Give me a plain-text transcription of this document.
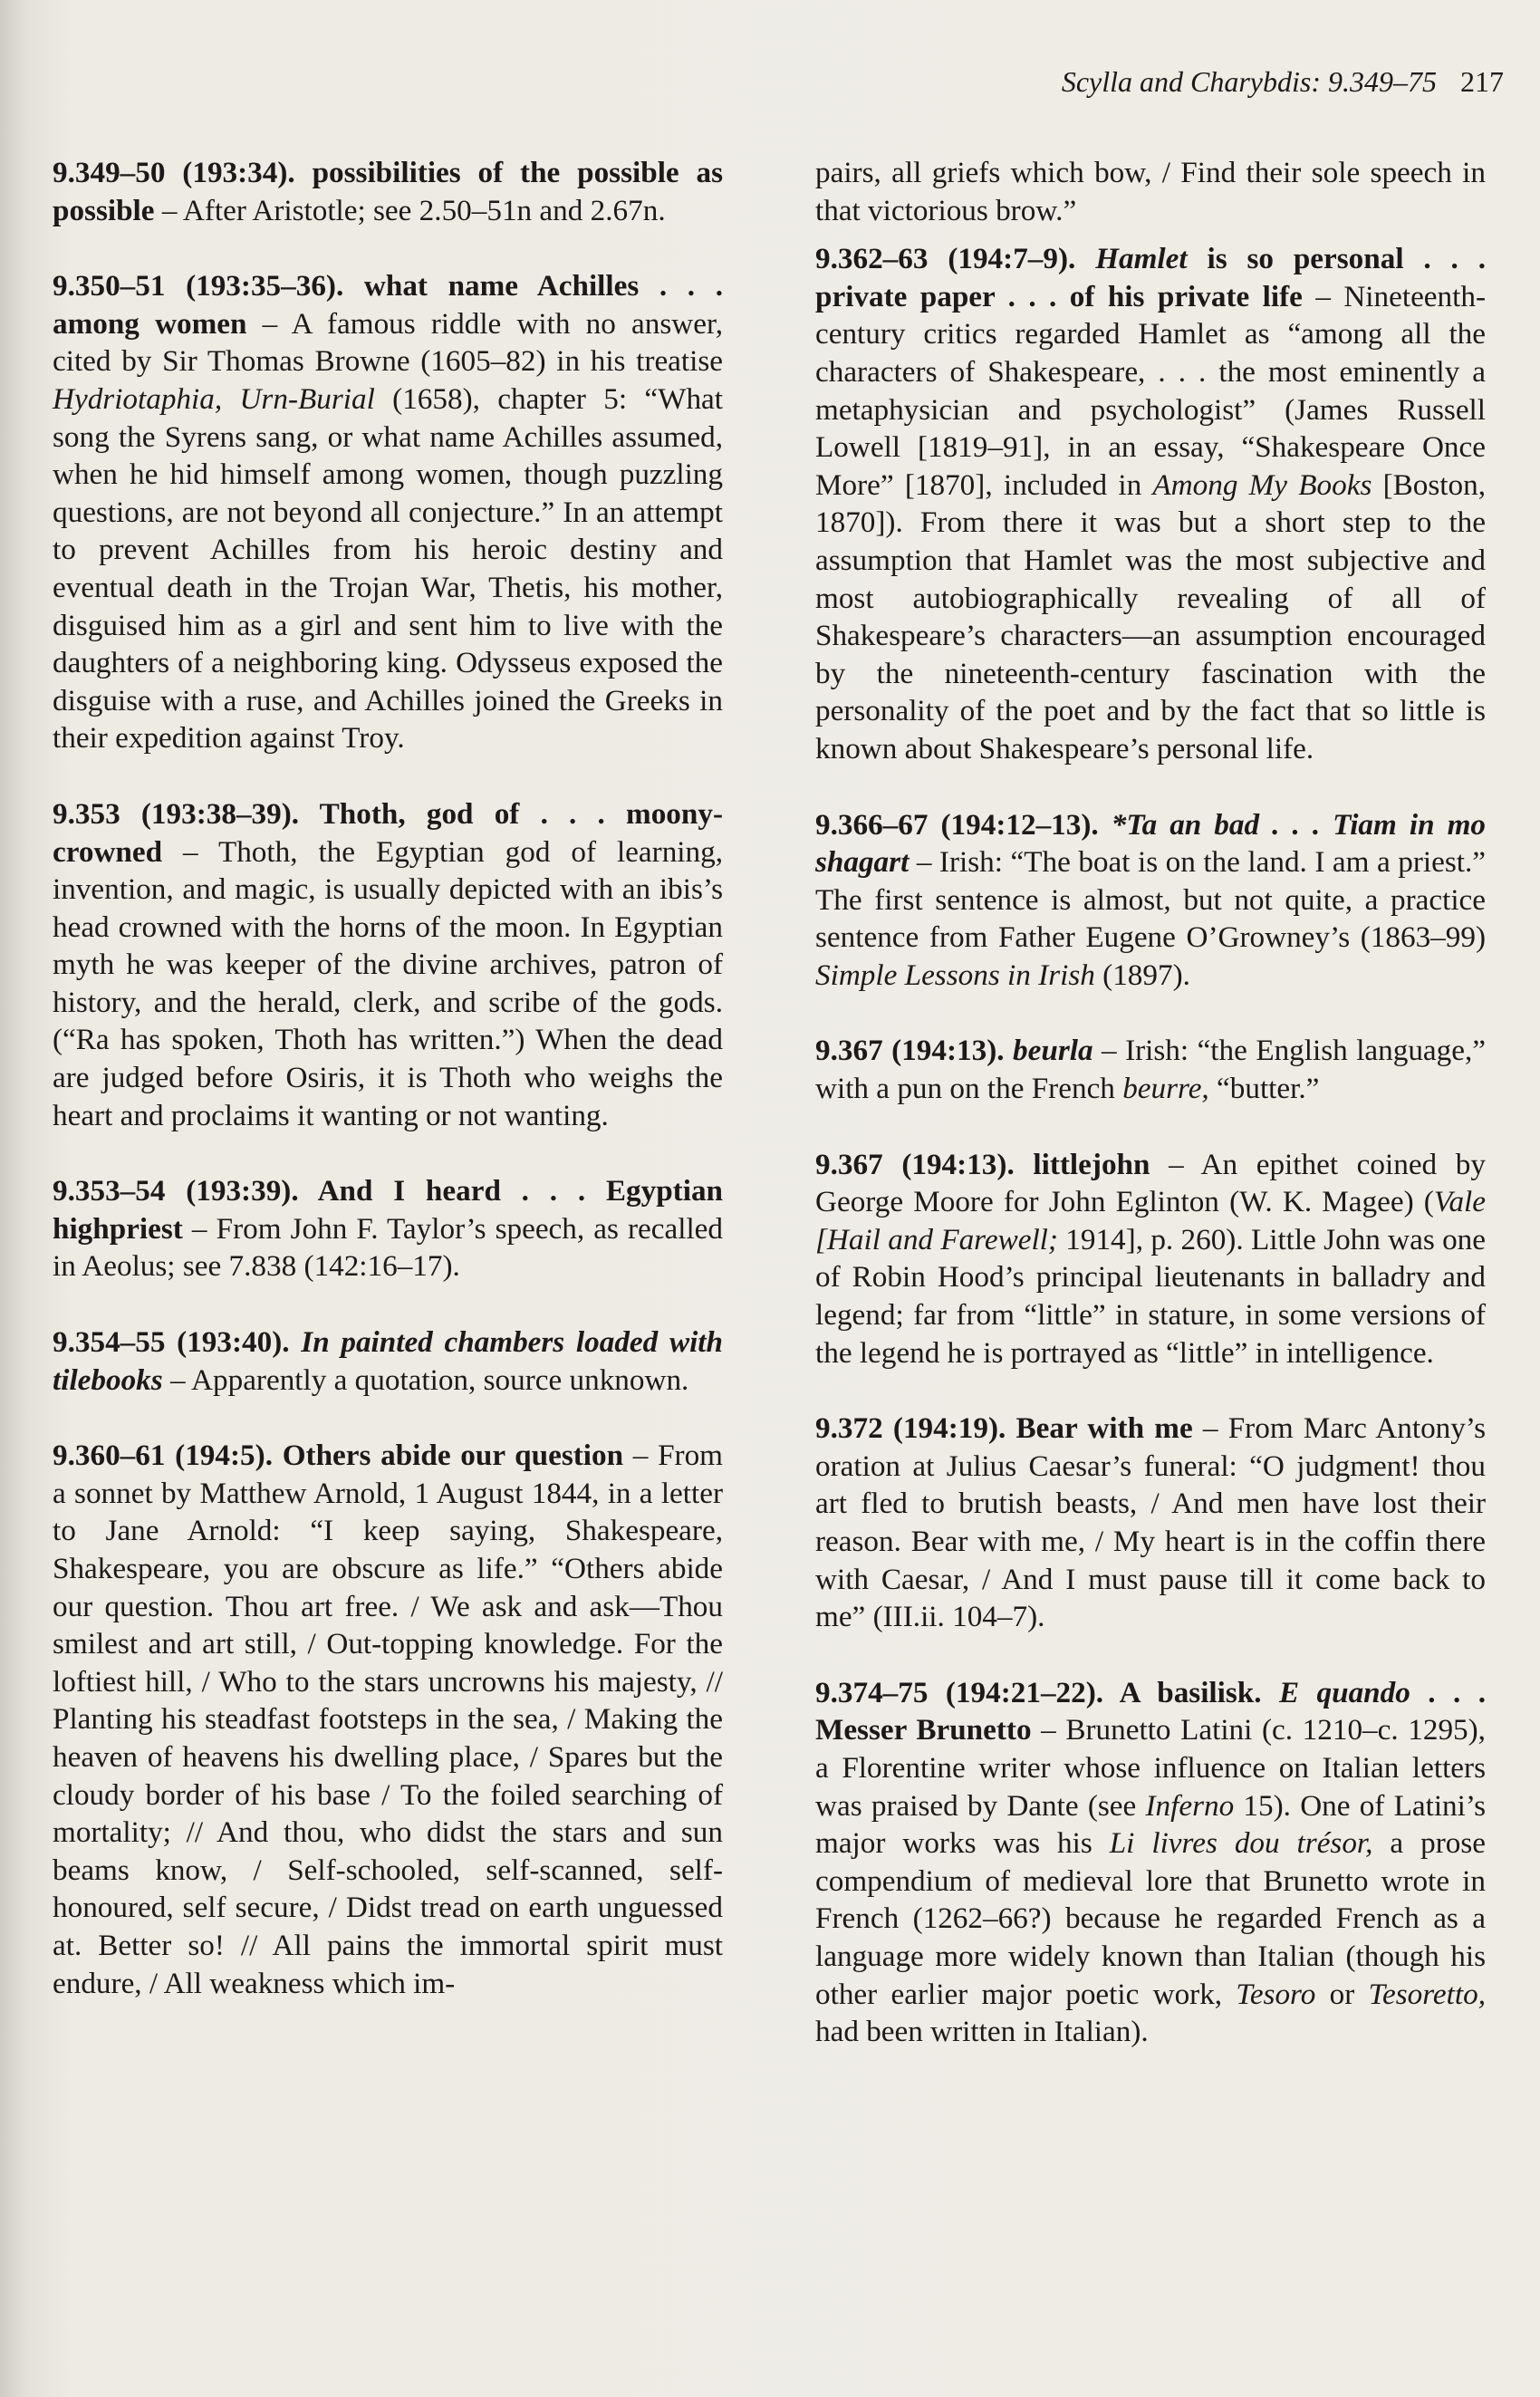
Scylla and Charybdis: 9.349–75 217

9.349–50 (193:34). possibilities of the possible as possible – After Aristotle; see 2.50–51n and 2.67n.

9.350–51 (193:35–36). what name Achilles . . . among women – A famous riddle with no answer, cited by Sir Thomas Browne (1605–82) in his treatise Hydriotaphia, Urn-Burial (1658), chapter 5: “What song the Syrens sang, or what name Achilles assumed, when he hid himself among women, though puzzling questions, are not beyond all conjecture.” In an attempt to prevent Achilles from his heroic destiny and eventual death in the Trojan War, Thetis, his mother, disguised him as a girl and sent him to live with the daughters of a neighboring king. Odysseus exposed the disguise with a ruse, and Achilles joined the Greeks in their expedition against Troy.

9.353 (193:38–39). Thoth, god of . . . moony-crowned – Thoth, the Egyptian god of learning, invention, and magic, is usually depicted with an ibis’s head crowned with the horns of the moon. In Egyptian myth he was keeper of the divine archives, patron of history, and the herald, clerk, and scribe of the gods. (“Ra has spoken, Thoth has written.”) When the dead are judged before Osiris, it is Thoth who weighs the heart and proclaims it wanting or not wanting.

9.353–54 (193:39). And I heard . . . Egyptian highpriest – From John F. Taylor’s speech, as recalled in Aeolus; see 7.838 (142:16–17).

9.354–55 (193:40). In painted chambers loaded with tilebooks – Apparently a quotation, source unknown.

9.360–61 (194:5). Others abide our question – From a sonnet by Matthew Arnold, 1 August 1844, in a letter to Jane Arnold: “I keep saying, Shakespeare, Shakespeare, you are obscure as life.” “Others abide our question. Thou art free. / We ask and ask—Thou smilest and art still, / Out-topping knowledge. For the loftiest hill, / Who to the stars uncrowns his majesty, // Planting his steadfast footsteps in the sea, / Making the heaven of heavens his dwelling place, / Spares but the cloudy border of his base / To the foiled searching of mortality; // And thou, who didst the stars and sun beams know, / Self-schooled, self-scanned, self-honoured, self secure, / Didst tread on earth unguessed at. Better so! // All pains the immortal spirit must endure, / All weakness which im-

pairs, all griefs which bow, / Find their sole speech in that victorious brow.”

9.362–63 (194:7–9). Hamlet is so personal . . . private paper . . . of his private life – Nineteenth-century critics regarded Hamlet as “among all the characters of Shakespeare, . . . the most eminently a metaphysician and psychologist” (James Russell Lowell [1819–91], in an essay, “Shakespeare Once More” [1870], included in Among My Books [Boston, 1870]). From there it was but a short step to the assumption that Hamlet was the most subjective and most autobiographically revealing of all of Shakespeare’s characters—an assumption encouraged by the nineteenth-century fascination with the personality of the poet and by the fact that so little is known about Shakespeare’s personal life.

9.366–67 (194:12–13). *Ta an bad . . . Tiam in mo shagart – Irish: “The boat is on the land. I am a priest.” The first sentence is almost, but not quite, a practice sentence from Father Eugene O’Growney’s (1863–99) Simple Lessons in Irish (1897).

9.367 (194:13). beurla – Irish: “the English language,” with a pun on the French beurre, “butter.”

9.367 (194:13). littlejohn – An epithet coined by George Moore for John Eglinton (W. K. Magee) (Vale [Hail and Farewell; 1914], p. 260). Little John was one of Robin Hood’s principal lieutenants in balladry and legend; far from “little” in stature, in some versions of the legend he is portrayed as “little” in intelligence.

9.372 (194:19). Bear with me – From Marc Antony’s oration at Julius Caesar’s funeral: “O judgment! thou art fled to brutish beasts, / And men have lost their reason. Bear with me, / My heart is in the coffin there with Caesar, / And I must pause till it come back to me” (III.ii. 104–7).

9.374–75 (194:21–22). A basilisk. E quando . . . Messer Brunetto – Brunetto Latini (c. 1210–c. 1295), a Florentine writer whose influence on Italian letters was praised by Dante (see Inferno 15). One of Latini’s major works was his Li livres dou trésor, a prose compendium of medieval lore that Brunetto wrote in French (1262–66?) because he regarded French as a language more widely known than Italian (though his other earlier major poetic work, Tesoro or Tesoretto, had been written in Italian).
